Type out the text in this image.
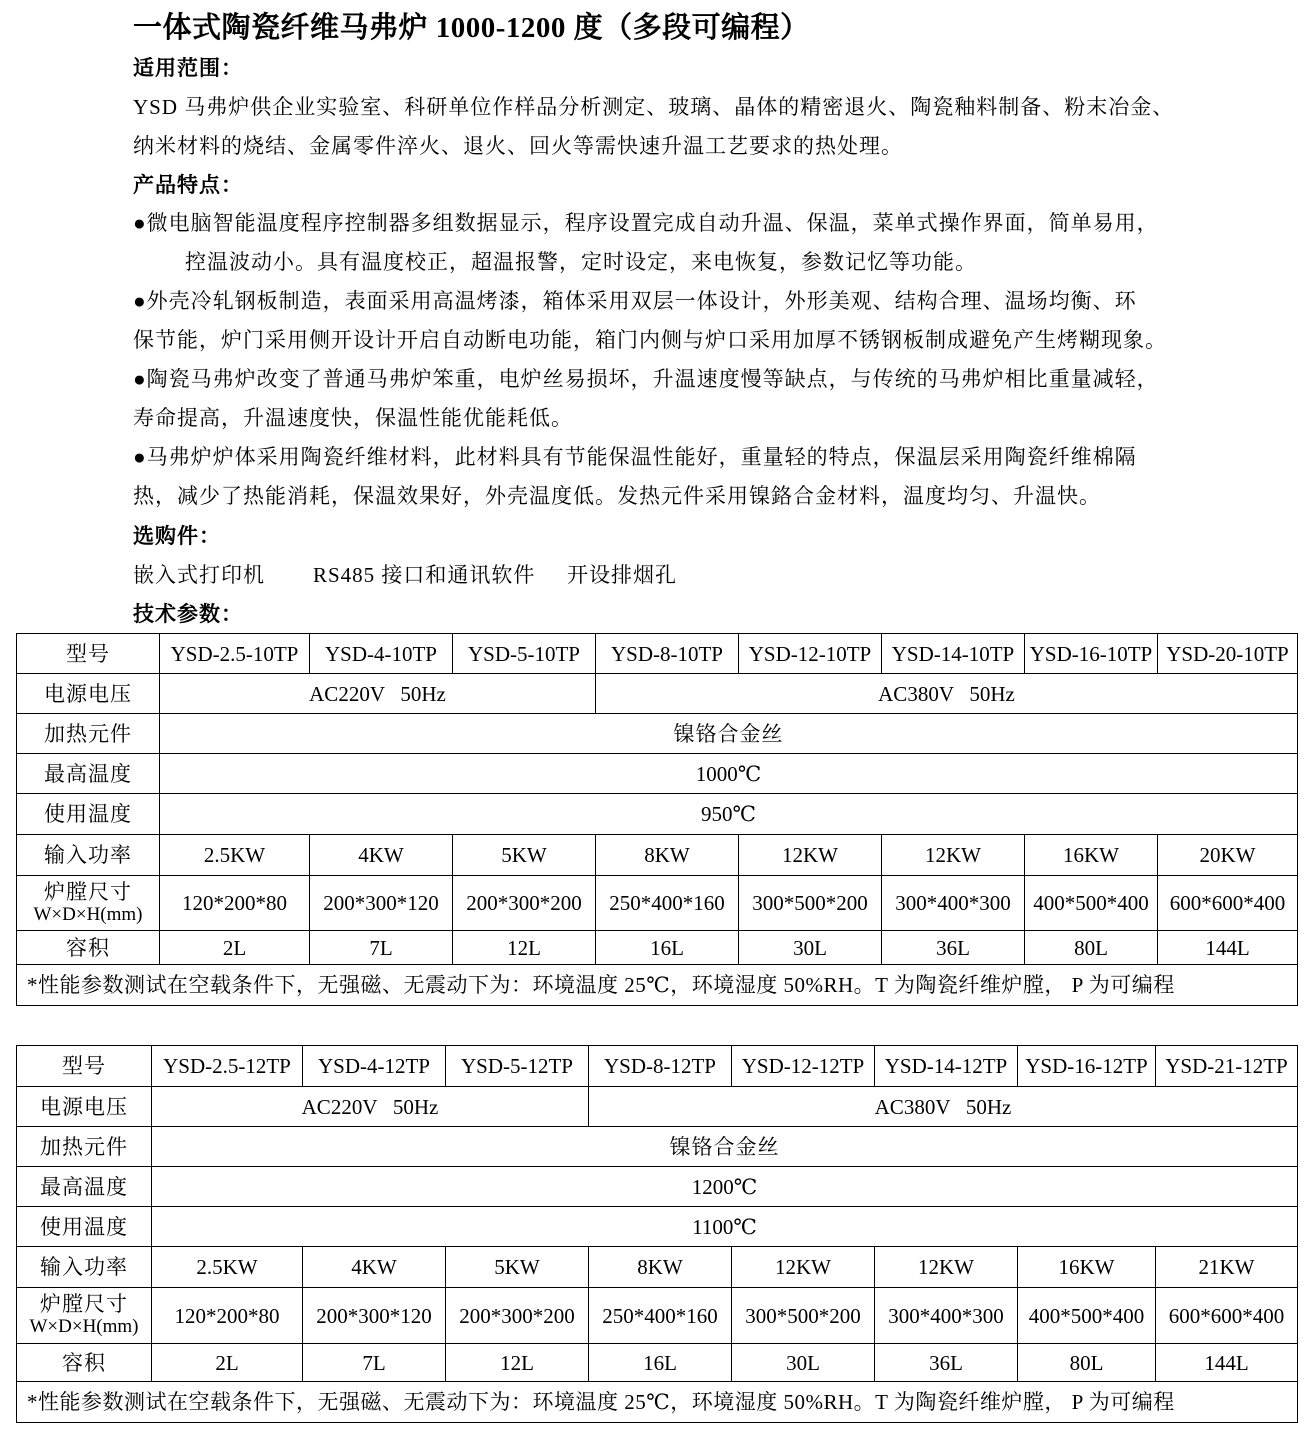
一体式陶瓷纤维马弗炉 1000-1200 度（多段可编程）
适用范围：
YSD 马弗炉供企业实验室、科研单位作样品分析测定、玻璃、晶体的精密退火、陶瓷釉料制备、粉末冶金、
纳米材料的烧结、金属零件淬火、退火、回火等需快速升温工艺要求的热处理。
产品特点：
●微电脑智能温度程序控制器多组数据显示，程序设置完成自动升温、保温，菜单式操作界面，简单易用，
控温波动小。具有温度校正，超温报警，定时设定，来电恢复，参数记忆等功能。
●外壳冷轧钢板制造，表面采用高温烤漆，箱体采用双层一体设计，外形美观、结构合理、温场均衡、环
保节能，炉门采用侧开设计开启自动断电功能，箱门内侧与炉口采用加厚不锈钢板制成避免产生烤糊现象。
●陶瓷马弗炉改变了普通马弗炉笨重，电炉丝易损坏，升温速度慢等缺点，与传统的马弗炉相比重量减轻，
寿命提高，升温速度快，保温性能优能耗低。
●马弗炉炉体采用陶瓷纤维材料，此材料具有节能保温性能好，重量轻的特点，保温层采用陶瓷纤维棉隔
热，减少了热能消耗，保温效果好，外壳温度低。发热元件采用镍鉻合金材料，温度均匀、升温快。
选购件：
嵌入式打印机 RS485 接口和通讯软件 开设排烟孔
技术参数：
型号	YSD-2.5-10TP	YSD-4-10TP	YSD-5-10TP	YSD-8-10TP	YSD-12-10TP	YSD-14-10TP	YSD-16-10TP	YSD-20-10TP
电源电压	AC220V   50Hz			AC380V   50Hz				
加热元件	镍铬合金丝							
最高温度	1000℃							
使用温度	950℃							
输入功率	2.5KW	4KW	5KW	8KW	12KW	12KW	16KW	20KW

炉膛尺寸
W×D×H(mm)	120*200*80	200*300*120	200*300*200	250*400*160	300*500*200	300*400*300	400*500*400	600*600*400
容积	2L	7L	12L	16L	30L	36L	80L	144L
*性能参数测试在空载条件下，无强磁、无震动下为：环境温度 25℃，环境湿度 50%RH。T 为陶瓷纤维炉膛， P 为可编程								
型号	YSD-2.5-12TP	YSD-4-12TP	YSD-5-12TP	YSD-8-12TP	YSD-12-12TP	YSD-14-12TP	YSD-16-12TP	YSD-21-12TP
电源电压	AC220V   50Hz			AC380V   50Hz				
加热元件	镍铬合金丝							
最高温度	1200℃							
使用温度	1100℃							
输入功率	2.5KW	4KW	5KW	8KW	12KW	12KW	16KW	21KW

炉膛尺寸
W×D×H(mm)	120*200*80	200*300*120	200*300*200	250*400*160	300*500*200	300*400*300	400*500*400	600*600*400
容积	2L	7L	12L	16L	30L	36L	80L	144L
*性能参数测试在空载条件下，无强磁、无震动下为：环境温度 25℃，环境湿度 50%RH。T 为陶瓷纤维炉膛， P 为可编程								
